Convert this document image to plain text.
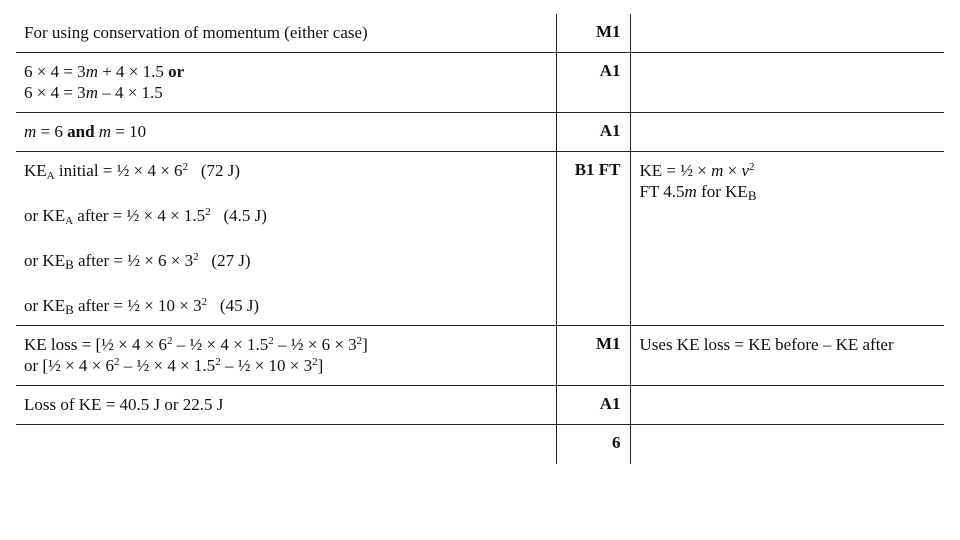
For using conservation of momentum (either case)	M1	

6 × 4 = 3m + 4 × 1.5 or
6 × 4 = 3m – 4 × 1.5	A1	

m = 6 and m = 10	A1	

$KE_A$ initial = ½ × $4 \times 6^2$   (72 J)
or $KE_A$ after = ½ × $4 \times 1.5^2$   (4.5 J)
or $KE_B$ after = ½ × $6 \times 3^2$   (27 J)
or $KE_B$ after = ½ × $10 \times 3^2$   (45 J)	B1 FT	KE = ½ × $m \times v^2$
FT 4.5m for $KE_B$

KE loss = [½ × $4 \times 6^2$ – ½ × $4 \times 1.5^2$ – ½ × $6 \times 3^2$]
or [½ × $4 \times 6^2$ – ½ × $4 \times 1.5^2$ – ½ × $10 \times 3^2$]	M1	Uses KE loss = KE before – KE after

Loss of KE = 40.5 J or 22.5 J	A1	
	6	
